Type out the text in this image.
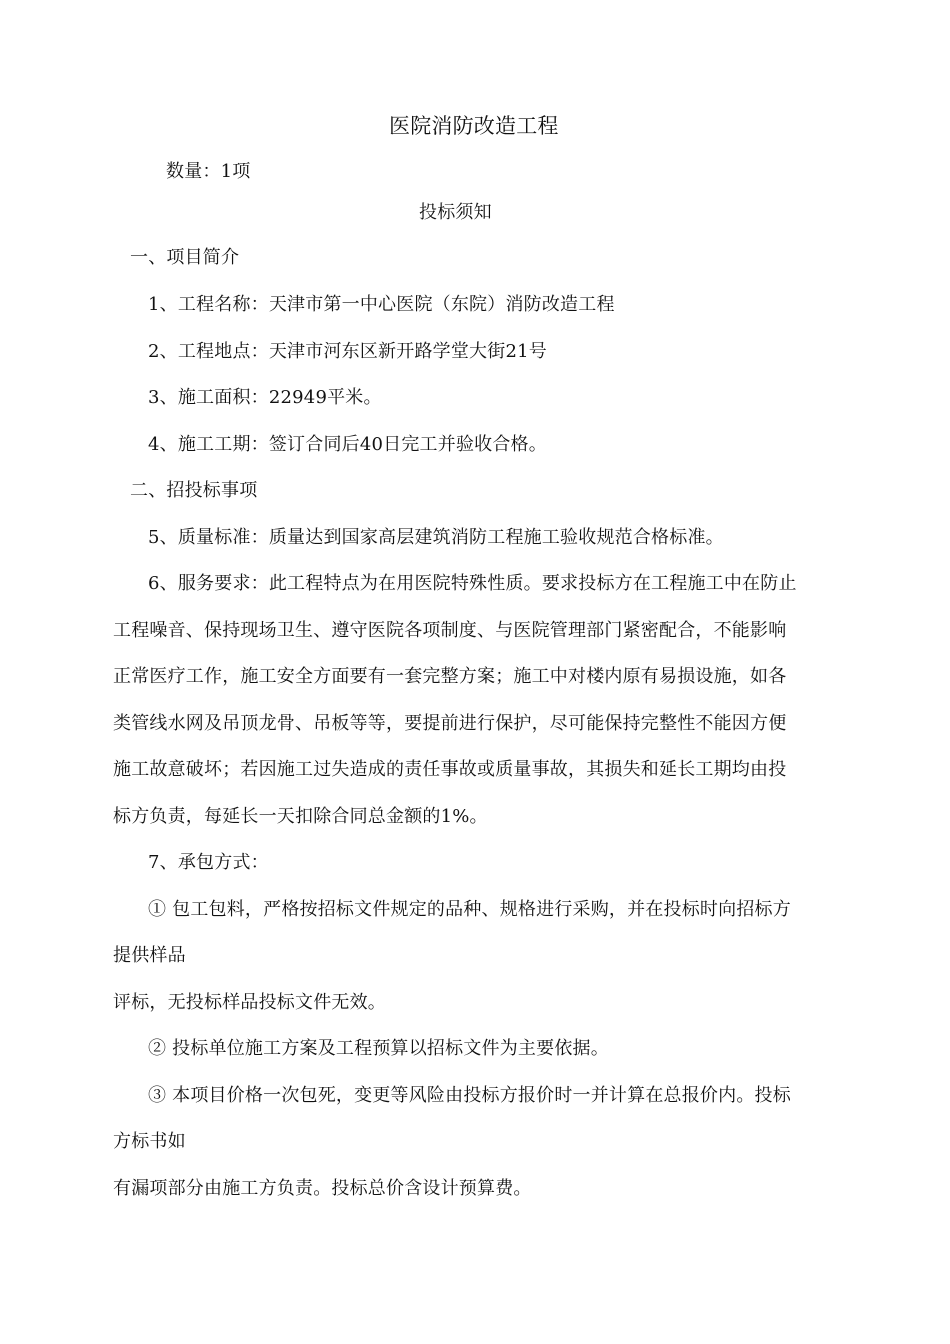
医院消防改造工程
数量：1项
投标须知
一、项目简介
1、工程名称：天津市第一中心医院（东院）消防改造工程
2、工程地点：天津市河东区新开路学堂大街21号
3、施工面积：22949平米。
4、施工工期：签订合同后40日完工并验收合格。
二、招投标事项
5、质量标准：质量达到国家高层建筑消防工程施工验收规范合格标准。
6、服务要求：此工程特点为在用医院特殊性质。要求投标方在工程施工中在防止
工程噪音、保持现场卫生、遵守医院各项制度、与医院管理部门紧密配合，不能影响
正常医疗工作，施工安全方面要有一套完整方案；施工中对楼内原有易损设施，如各
类管线水网及吊顶龙骨、吊板等等，要提前进行保护，尽可能保持完整性不能因方便
施工故意破坏；若因施工过失造成的责任事故或质量事故，其损失和延长工期均由投
标方负责，每延长一天扣除合同总金额的1%。
7、承包方式：
① 包工包料，严格按招标文件规定的品种、规格进行采购，并在投标时向招标方
提供样品
评标，无投标样品投标文件无效。
② 投标单位施工方案及工程预算以招标文件为主要依据。
③ 本项目价格一次包死，变更等风险由投标方报价时一并计算在总报价内。投标
方标书如
有漏项部分由施工方负责。投标总价含设计预算费。
